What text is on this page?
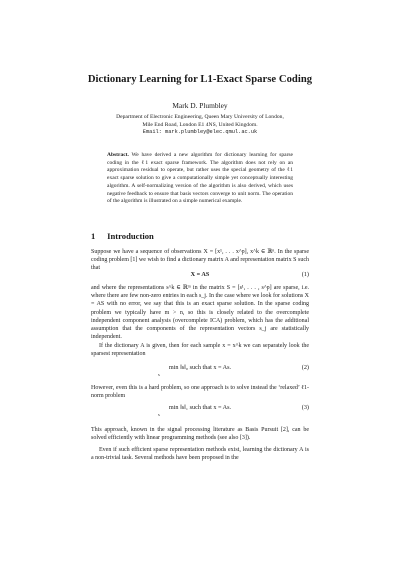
Dictionary Learning for L1-Exact Sparse Coding
Mark D. Plumbley
Department of Electronic Engineering, Queen Mary University of London,
Mile End Road, London E1 4NS, United Kingdom.
Email: mark.plumbley@elec.qmul.ac.uk
Abstract. We have derived a new algorithm for dictionary learning for sparse coding in the ℓ1 exact sparse framework. The algorithm does not rely on an approximation residual to operate, but rather uses the special geometry of the ℓ1 exact sparse solution to give a computationally simple yet conceptually interesting algorithm. A self-normalizing version of the algorithm is also derived, which uses negative feedback to ensure that basis vectors converge to unit norm. The operation of the algorithm is illustrated on a simple numerical example.
1 Introduction
Suppose we have a sequence of observations X = [x¹, . . . x^p], x^k ∈ ℝⁿ. In the sparse coding problem [1] we wish to find a dictionary matrix A and representation matrix S such that
X = AS	(1)
and where the representations s^k ∈ ℝᵐ in the matrix S = [s¹, . . . , s^p] are sparse, i.e. where there are few non-zero entries in each s_j. In the case where we look for solutions X = AS with no error, we say that this is an exact sparse solution. In the sparse coding problem we typically have m > n, so this is closely related to the overcomplete independent component analysis (overcomplete ICA) problem, which has the additional assumption that the components of the representation vectors s_j are statistically independent.
If the dictionary A is given, then for each sample x = x^k we can separately look the sparsest representation
min ‖s‖₀ such that x = As.	(2)
s
However, even this is a hard problem, so one approach is to solve instead the ‘relaxed’ ℓ1-norm problem
min ‖s‖₁ such that x = As.	(3)
s
This approach, known in the signal processing literature as Basis Pursuit [2], can be solved efficiently with linear programming methods (see also [3]).
Even if such efficient sparse representation methods exist, learning the dictionary A is a non-trivial task. Several methods have been proposed in the
